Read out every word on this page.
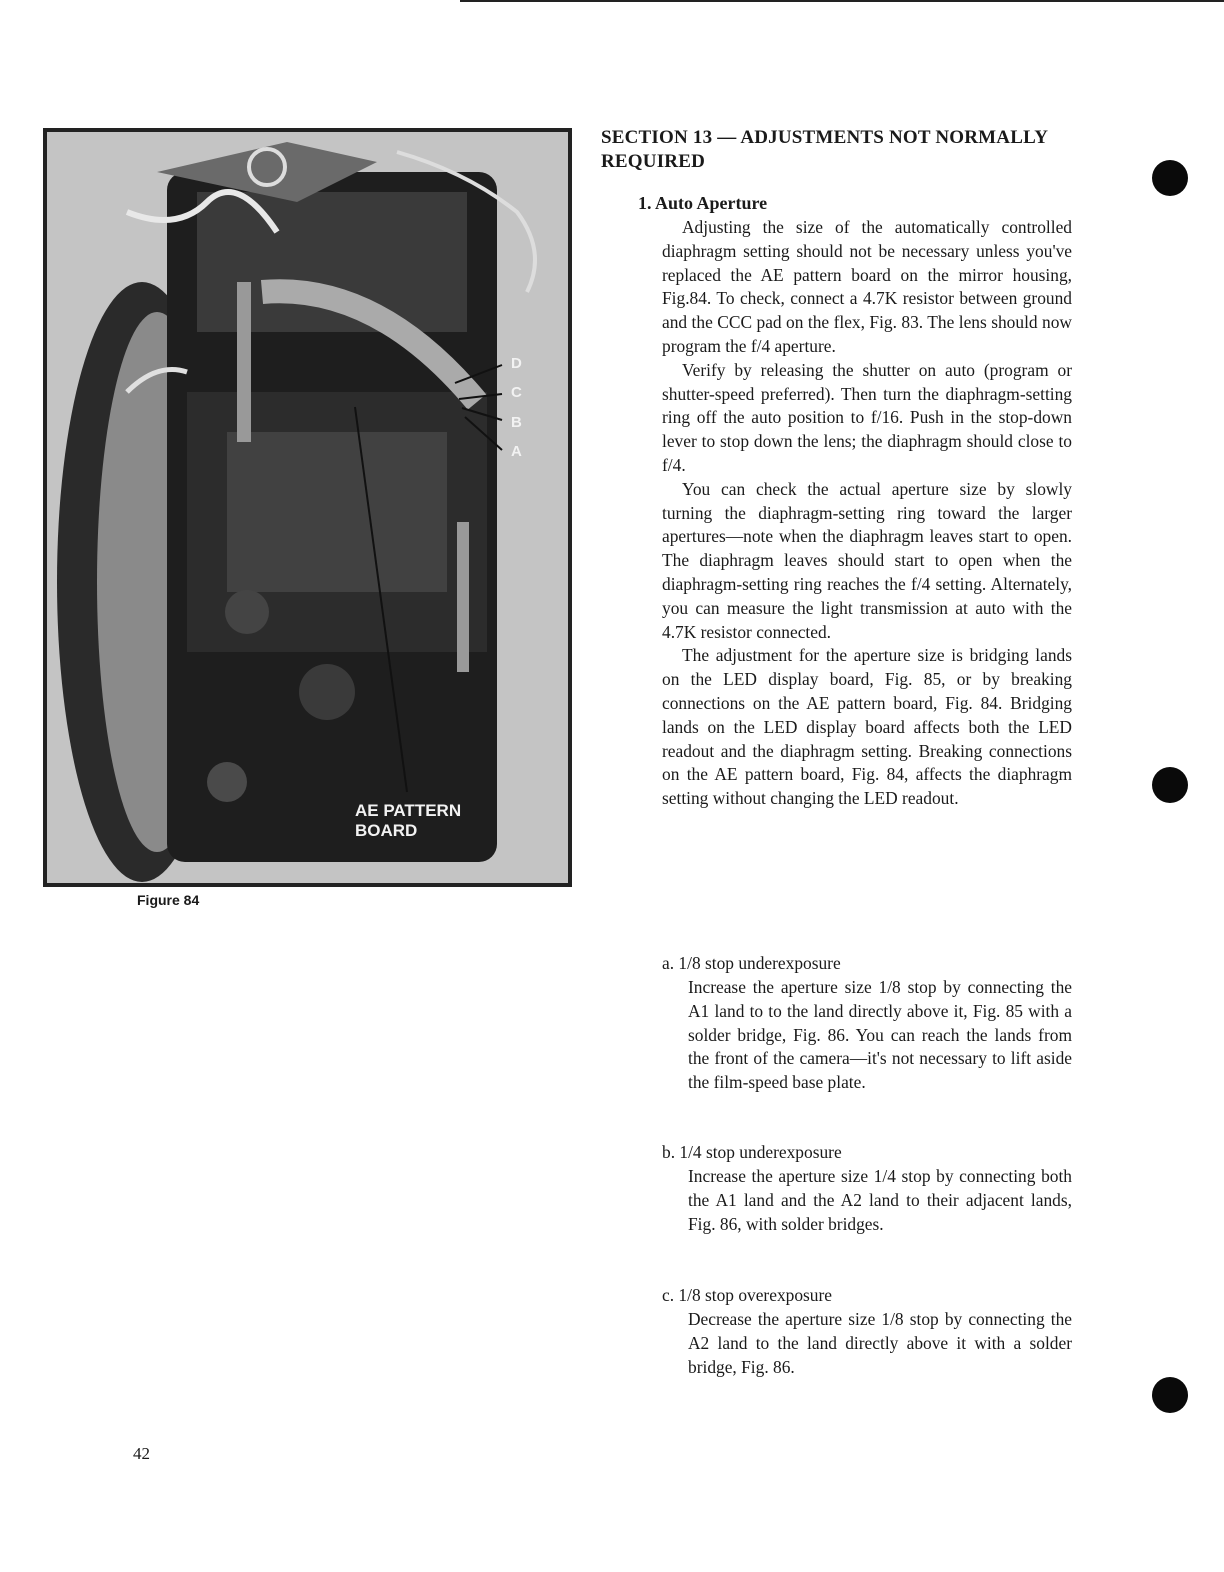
D
C
B
A
AE PATTERN
BOARD
Figure 84
SECTION 13 — ADJUSTMENTS NOT NORMALLY REQUIRED
1. Auto Aperture

Adjusting the size of the automatically controlled diaphragm setting should not be necessary unless you've replaced the AE pattern board on the mirror housing, Fig.84. To check, connect a 4.7K resistor between ground and the CCC pad on the flex, Fig. 83. The lens should now program the f/4 aperture.

Verify by releasing the shutter on auto (program or shutter-speed preferred). Then turn the diaphragm-setting ring off the auto position to f/16. Push in the stop-down lever to stop down the lens; the diaphragm should close to f/4.

You can check the actual aperture size by slowly turning the diaphragm-setting ring toward the larger apertures—note when the diaphragm leaves start to open. The diaphragm leaves should start to open when the diaphragm-setting ring reaches the f/4 setting. Alternately, you can measure the light transmission at auto with the 4.7K resistor connected.

The adjustment for the aperture size is bridging lands on the LED display board, Fig. 85, or by breaking connections on the AE pattern board, Fig. 84. Bridging lands on the LED display board affects both the LED readout and the diaphragm setting. Breaking connections on the AE pattern board, Fig. 84, affects the diaphragm setting without changing the LED readout.

a. 1/8 stop underexposure

Increase the aperture size 1/8 stop by connecting the A1 land to to the land directly above it, Fig. 85 with a solder bridge, Fig. 86. You can reach the lands from the front of the camera—it's not necessary to lift aside the film-speed base plate.

b. 1/4 stop underexposure

Increase the aperture size 1/4 stop by connecting both the A1 land and the A2 land to their adjacent lands, Fig. 86, with solder bridges.

c. 1/8 stop overexposure

Decrease the aperture size 1/8 stop by connecting the A2 land to the land directly above it with a solder bridge, Fig. 86.

42
